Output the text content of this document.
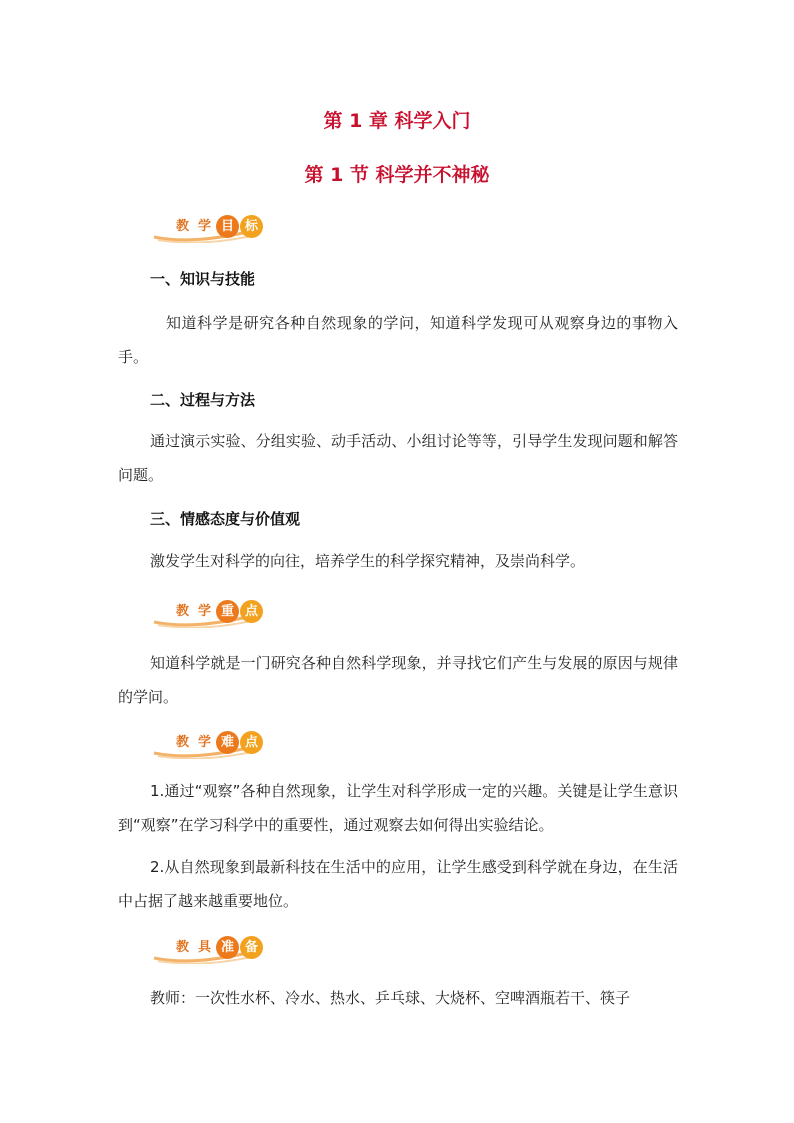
第 1 章 科学入门
第 1 节 科学并不神秘
教 学 目 标

一、知识与技能

知道科学是研究各种自然现象的学问，知道科学发现可从观察身边的事物入手。

二、过程与方法

通过演示实验、分组实验、动手活动、小组讨论等等，引导学生发现问题和解答问题。

三、情感态度与价值观

激发学生对科学的向往，培养学生的科学探究精神，及崇尚科学。

教 学 重 点

知道科学就是一门研究各种自然科学现象，并寻找它们产生与发展的原因与规律的学问。

教 学 难 点

1.通过“观察”各种自然现象，让学生对科学形成一定的兴趣。关键是让学生意识到“观察”在学习科学中的重要性，通过观察去如何得出实验结论。

2.从自然现象到最新科技在生活中的应用，让学生感受到科学就在身边，在生活中占据了越来越重要地位。

教 具 准 备

教师：一次性水杯、冷水、热水、乒乓球、大烧杯、空啤酒瓶若干、筷子
